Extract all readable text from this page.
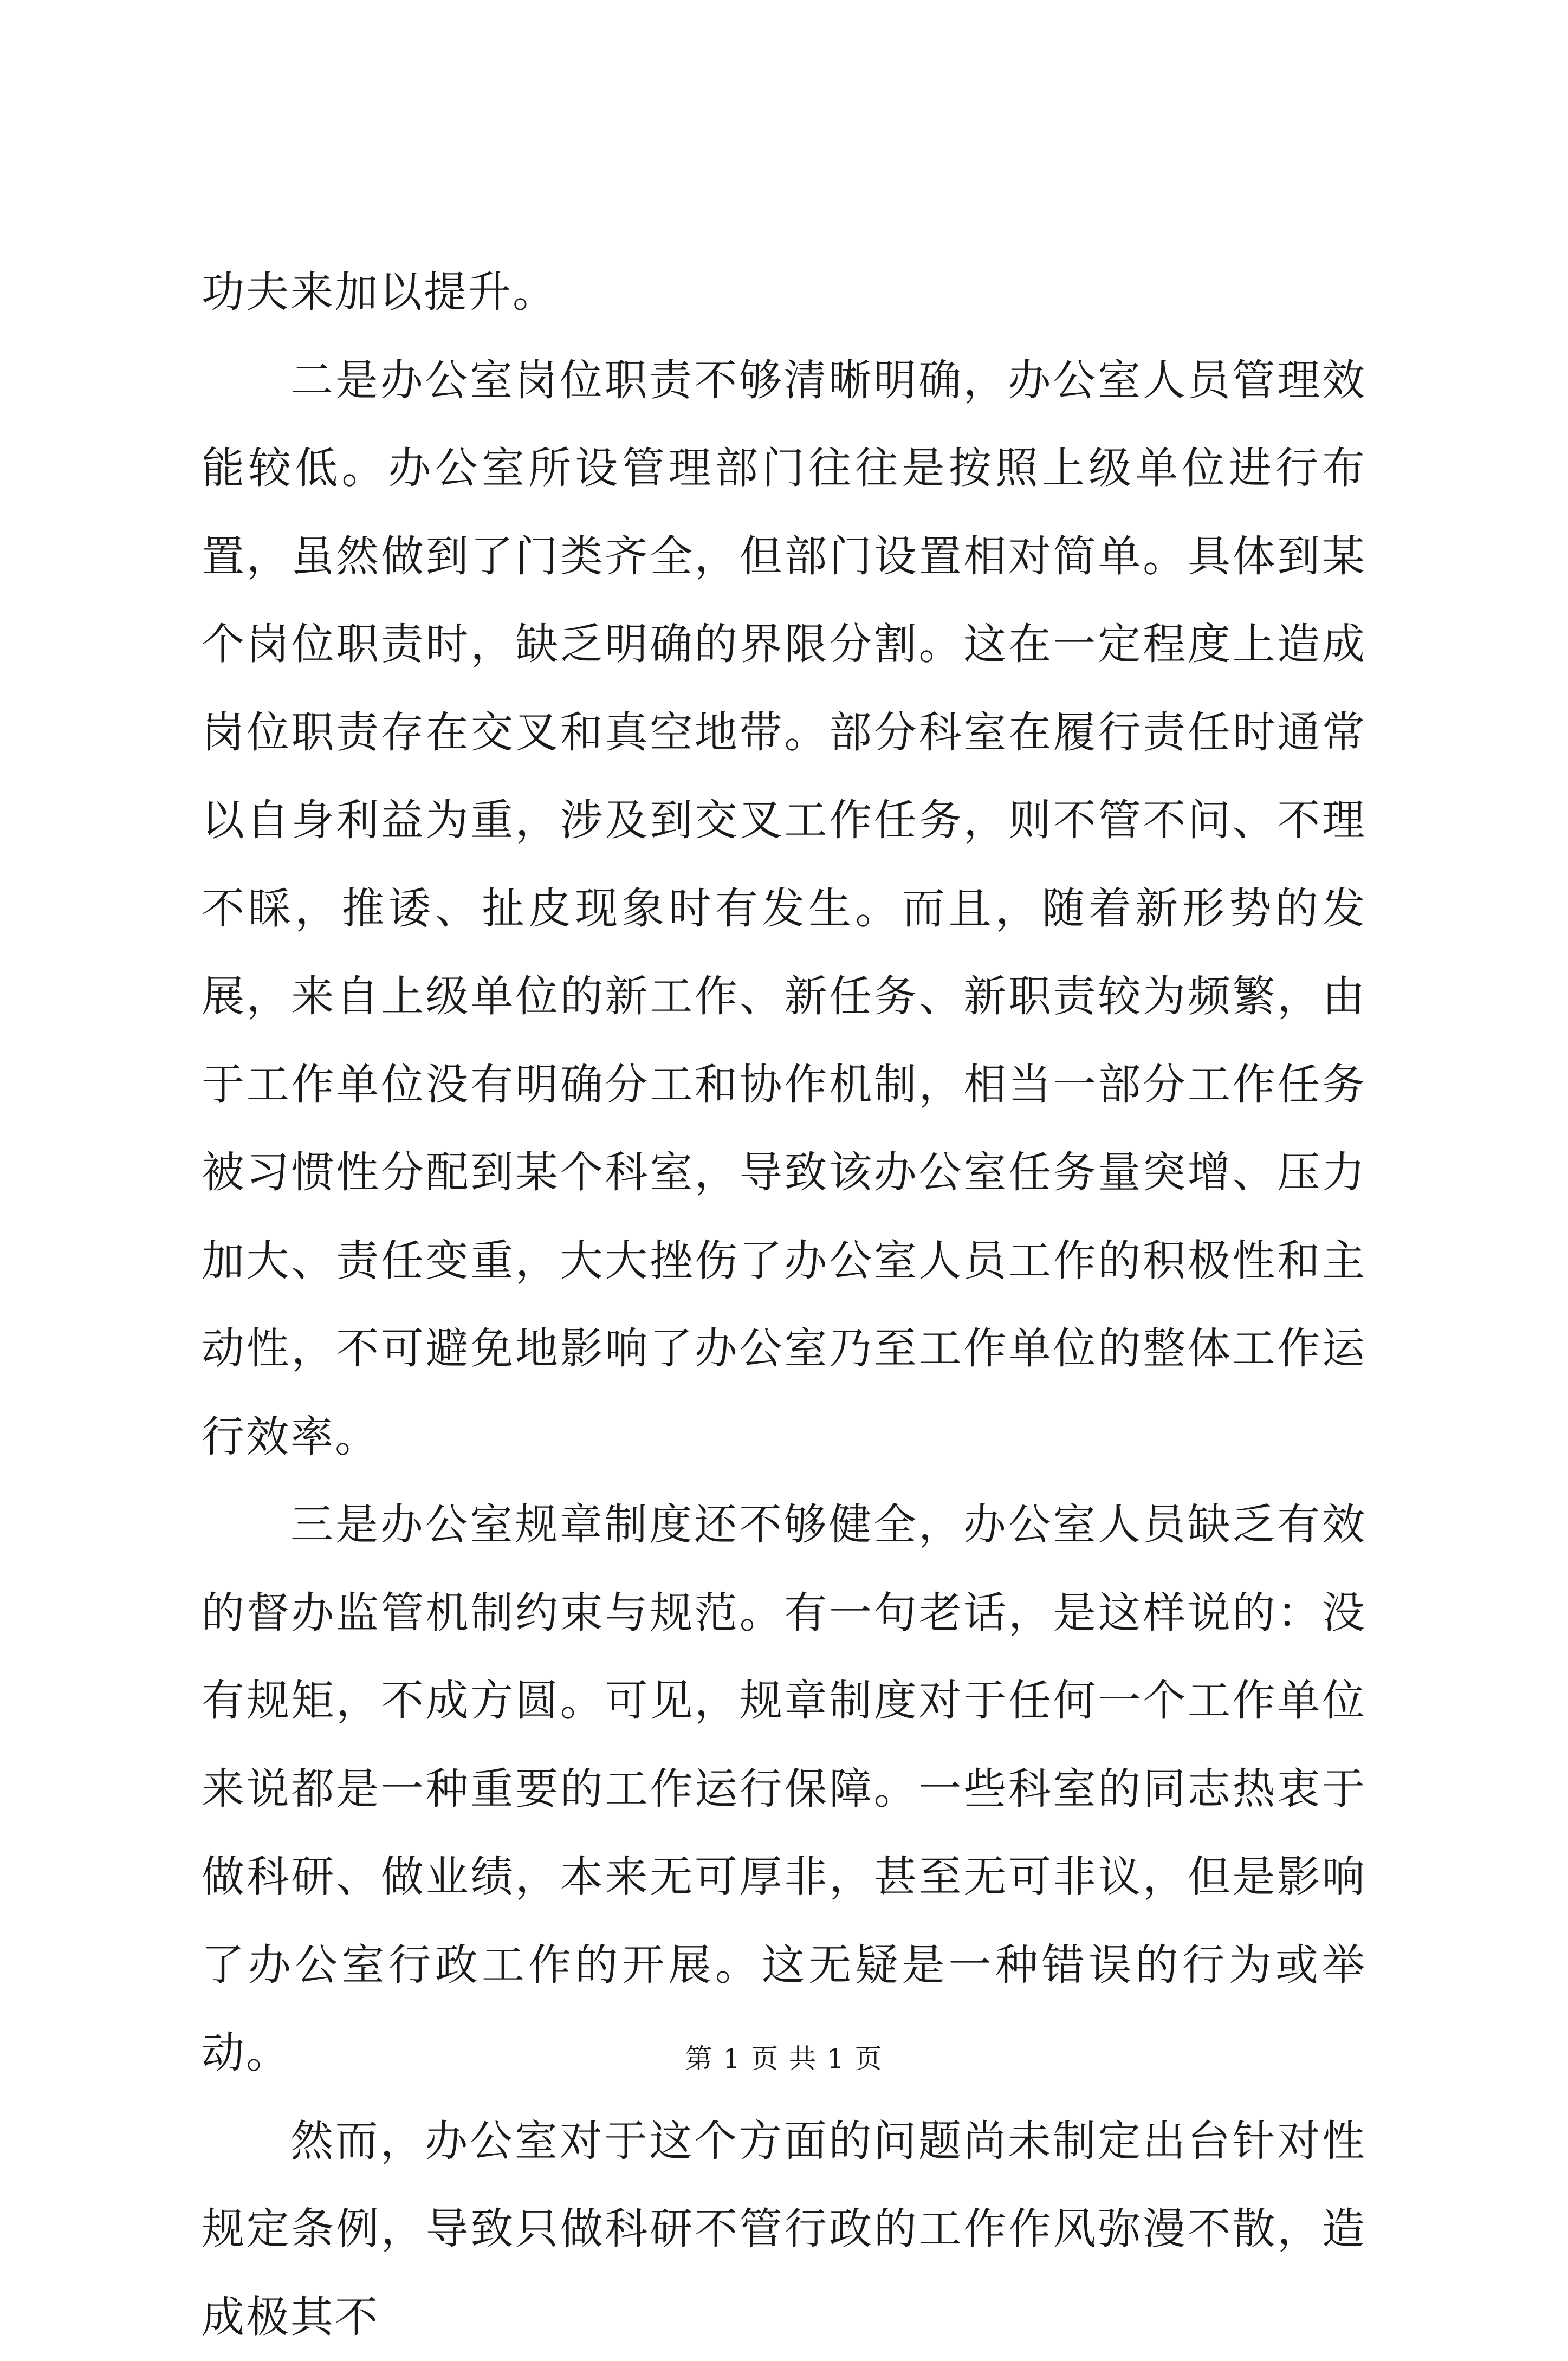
功夫来加以提升。

二是办公室岗位职责不够清晰明确，办公室人员管理效能较低。办公室所设管理部门往往是按照上级单位进行布置，虽然做到了门类齐全，但部门设置相对简单。具体到某个岗位职责时，缺乏明确的界限分割。这在一定程度上造成岗位职责存在交叉和真空地带。部分科室在履行责任时通常以自身利益为重，涉及到交叉工作任务，则不管不问、不理不睬，推诿、扯皮现象时有发生。而且，随着新形势的发展，来自上级单位的新工作、新任务、新职责较为频繁，由于工作单位没有明确分工和协作机制，相当一部分工作任务被习惯性分配到某个科室，导致该办公室任务量突增、压力加大、责任变重，大大挫伤了办公室人员工作的积极性和主动性，不可避免地影响了办公室乃至工作单位的整体工作运行效率。

三是办公室规章制度还不够健全，办公室人员缺乏有效的督办监管机制约束与规范。有一句老话，是这样说的：没有规矩，不成方圆。可见，规章制度对于任何一个工作单位来说都是一种重要的工作运行保障。一些科室的同志热衷于做科研、做业绩，本来无可厚非，甚至无可非议，但是影响了办公室行政工作的开展。这无疑是一种错误的行为或举动。

然而，办公室对于这个方面的问题尚未制定出台针对性规定条例，导致只做科研不管行政的工作作风弥漫不散，造成极其不

第 1 页 共 1 页
